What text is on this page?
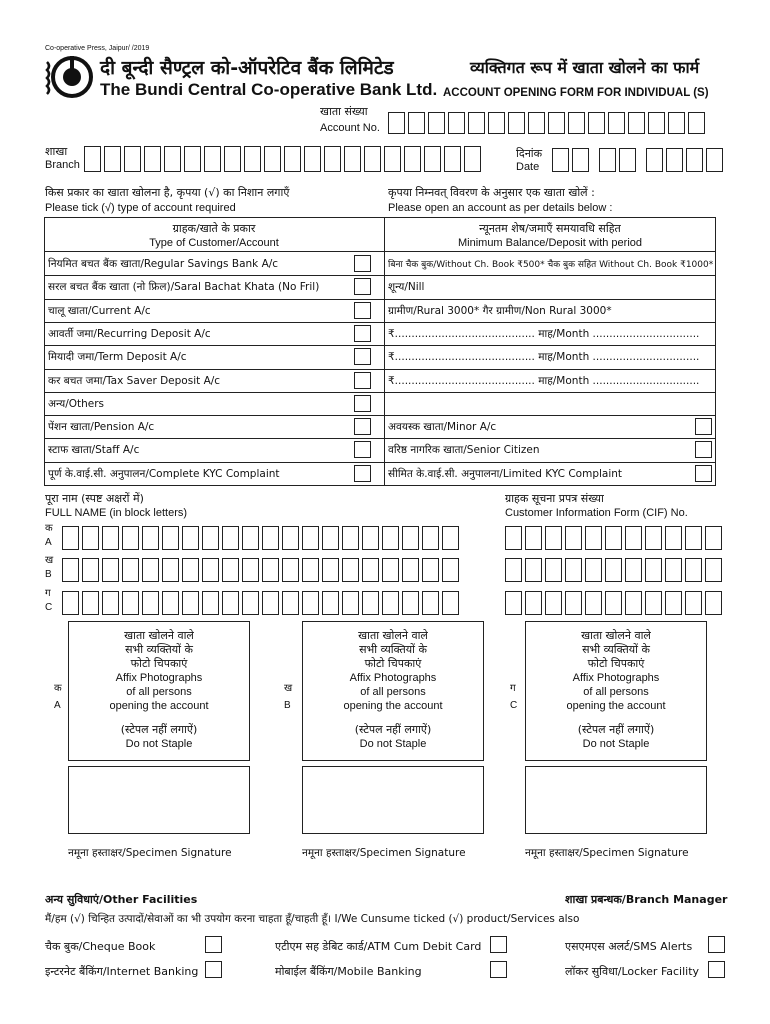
Co-operative Press, Jaipur/ /2019
दी बून्दी सैण्ट्रल को-ऑपरेटिव बैंक लिमिटेड
The Bundi Central Co-operative Bank Ltd.
व्यक्तिगत रूप में खाता खोलने का फार्म
ACCOUNT OPENING FORM FOR INDIVIDUAL (S)
खाता संख्या
Account No.
शाखा
Branch
दिनांक
Date
किस प्रकार का खाता खोलना है, कृपया (√) का निशान लगाएँ
Please tick (√) type of account required
कृपया निम्नवत् विवरण के अनुसार एक खाता खोलें :
Please open an account as per details below :
ग्राहक/खाते के प्रकार
Type of Customer/Account
न्यूनतम शेष/जमाएँ समयावधि सहित
Minimum Balance/Deposit with period
नियमित बचत बैंक खाता/Regular Savings Bank A/c	बिना चैक बुक/Without Ch. Book ₹500* चैक बुक सहित Without Ch. Book ₹1000*
सरल बचत बैंक खाता (नो फ्रिल)/Saral Bachat Khata (No Fril)	शून्य/Nill
चालू खाता/Current A/c	ग्रामीण/Rural 3000* गैर ग्रामीण/Non Rural 3000*
आवर्ती जमा/Recurring Deposit A/c	₹.......................................... माह/Month ................................
मियादी जमा/Term Deposit A/c	₹.......................................... माह/Month ................................
कर बचत जमा/Tax Saver Deposit A/c	₹.......................................... माह/Month ................................
अन्य/Others
पेंशन खाता/Pension A/c	अवयस्क खाता/Minor A/c
स्टाफ खाता/Staff A/c	वरिष्ठ नागरिक खाता/Senior Citizen
पूर्ण के.वाई.सी. अनुपालन/Complete KYC Complaint	सीमित के.वाई.सी. अनुपालना/Limited KYC Complaint
पूरा नाम (स्पष्ट अक्षरों में)
FULL NAME (in block letters)
ग्राहक सूचना प्रपत्र संख्या
Customer Information Form (CIF) No.
क
A
ख
B
ग
C
क
A
खाता खोलने वाले
सभी व्यक्तियों के
फोटो चिपकाएं
Affix Photographs
of all persons
opening the account
(स्टेपल नहीं लगाऐं)
Do not Staple
नमूना हस्ताक्षर/Specimen Signature
ख
B
खाता खोलने वाले
सभी व्यक्तियों के
फोटो चिपकाएं
Affix Photographs
of all persons
opening the account
(स्टेपल नहीं लगाऐं)
Do not Staple
नमूना हस्ताक्षर/Specimen Signature
ग
C
खाता खोलने वाले
सभी व्यक्तियों के
फोटो चिपकाएं
Affix Photographs
of all persons
opening the account
(स्टेपल नहीं लगाऐं)
Do not Staple
नमूना हस्ताक्षर/Specimen Signature
अन्य सुविधाएं/Other Facilities	शाखा प्रबन्धक/Branch Manager
मैं/हम (√) चिन्हित उत्पादों/सेवाओं का भी उपयोग करना चाहता हूँ/चाहती हूँ। I/We Cunsume ticked (√) product/Services also
चैक बुक/Cheque Book	एटीएम सह डेबिट कार्ड/ATM Cum Debit Card	एसएमएस अलर्ट/SMS Alerts
इन्टरनेट बैंकिंग/Internet Banking	मोबाईल बैंकिंग/Mobile Banking	लॉकर सुविधा/Locker Facility
